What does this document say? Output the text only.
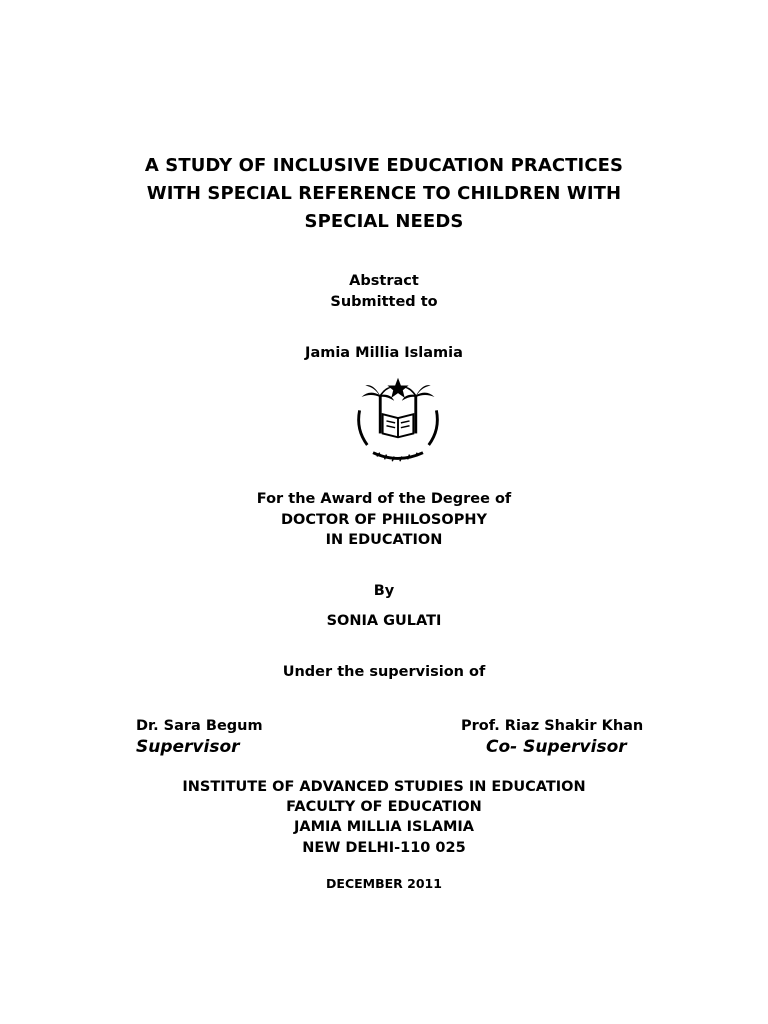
A STUDY OF INCLUSIVE EDUCATION PRACTICES
WITH SPECIAL REFERENCE TO CHILDREN WITH
SPECIAL NEEDS
Abstract
Submitted to
Jamia Millia Islamia
For the Award of the Degree of
DOCTOR OF PHILOSOPHY
IN EDUCATION
By
SONIA GULATI
Under the supervision of
Dr. Sara Begum
Supervisor
Prof. Riaz Shakir Khan
Co- Supervisor
INSTITUTE OF ADVANCED STUDIES IN EDUCATION
FACULTY OF EDUCATION
JAMIA MILLIA ISLAMIA
NEW DELHI-110 025
DECEMBER 2011
